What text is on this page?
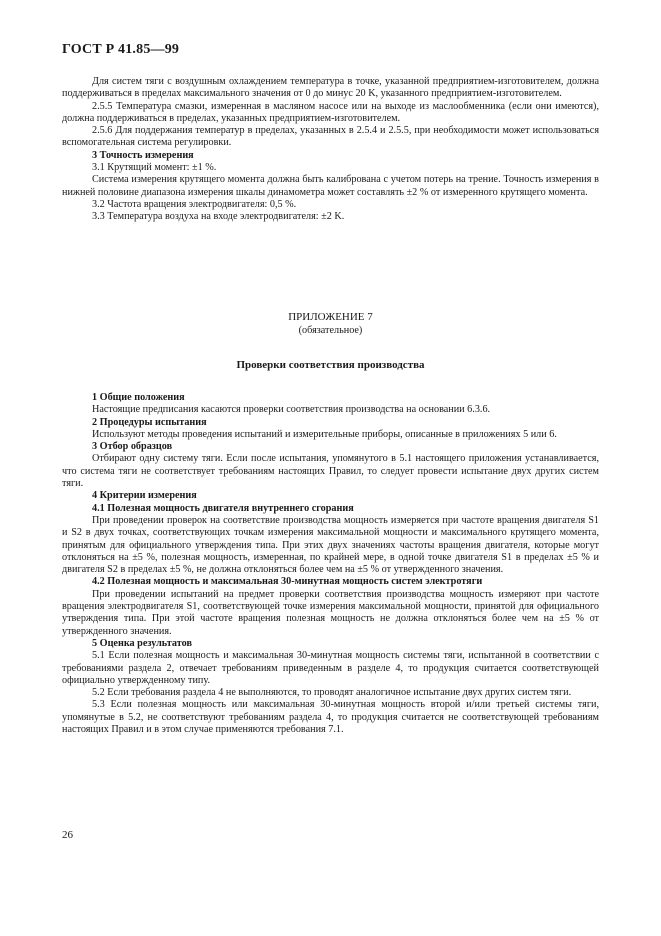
ГОСТ Р 41.85—99

Для систем тяги с воздушным охлаждением температура в точке, указанной предприятием-изготовителем, должна поддерживаться в пределах максимального значения от 0 до минус 20 K, указанного предприятием-изготовителем.

2.5.5 Температура смазки, измеренная в масляном насосе или на выходе из маслообменника (если они имеются), должна поддерживаться в пределах, указанных предприятием-изготовителем.

2.5.6 Для поддержания температур в пределах, указанных в 2.5.4 и 2.5.5, при необходимости может использоваться вспомогательная система регулировки.

3 Точность измерения

3.1 Крутящий момент: ±1 %.

Система измерения крутящего момента должна быть калибрована с учетом потерь на трение. Точность измерения в нижней половине диапазона измерения шкалы динамометра может составлять ±2 % от измеренного крутящего момента.

3.2 Частота вращения электродвигателя: 0,5 %.

3.3 Температура воздуха на входе электродвигателя: ±2 K.

ПРИЛОЖЕНИЕ 7

(обязательное)

Проверки соответствия производства

1 Общие положения

Настоящие предписания касаются проверки соответствия производства на основании 6.3.6.

2 Процедуры испытания

Используют методы проведения испытаний и измерительные приборы, описанные в приложениях 5 или 6.

3 Отбор образцов

Отбирают одну систему тяги. Если после испытания, упомянутого в 5.1 настоящего приложения устанавливается, что система тяги не соответствует требованиям настоящих Правил, то следует провести испытание двух других систем тяги.

4 Критерии измерения

4.1 Полезная мощность двигателя внутреннего сгорания

При проведении проверок на соответствие производства мощность измеряется при частоте вращения двигателя S1 и S2 в двух точках, соответствующих точкам измерения максимальной мощности и максимального крутящего момента, принятым для официального утверждения типа. При этих двух значениях частоты вращения двигателя, которые могут отклоняться на ±5 %, полезная мощность, измеренная, по крайней мере, в одной точке двигателя S1 в пределах ±5 % и двигателя S2 в пределах ±5 %, не должна отклоняться более чем на ±5 % от утвержденного значения.

4.2 Полезная мощность и максимальная 30-минутная мощность систем электротяги

При проведении испытаний на предмет проверки соответствия производства мощность измеряют при частоте вращения электродвигателя S1, соответствующей точке измерения максимальной мощности, принятой для официального утверждения типа. При этой частоте вращения полезная мощность не должна отклоняться более чем на ±5 % от утвержденного значения.

5 Оценка результатов

5.1 Если полезная мощность и максимальная 30-минутная мощность системы тяги, испытанной в соответствии с требованиями раздела 2, отвечает требованиям приведенным в разделе 4, то продукция считается соответствующей официально утвержденному типу.

5.2 Если требования раздела 4 не выполняются, то проводят аналогичное испытание двух других систем тяги.

5.3 Если полезная мощность или максимальная 30-минутная мощность второй и/или третьей системы тяги, упомянутые в 5.2, не соответствуют требованиям раздела 4, то продукция считается не соответствующей требованиям настоящих Правил и в этом случае применяются требования 7.1.

26
